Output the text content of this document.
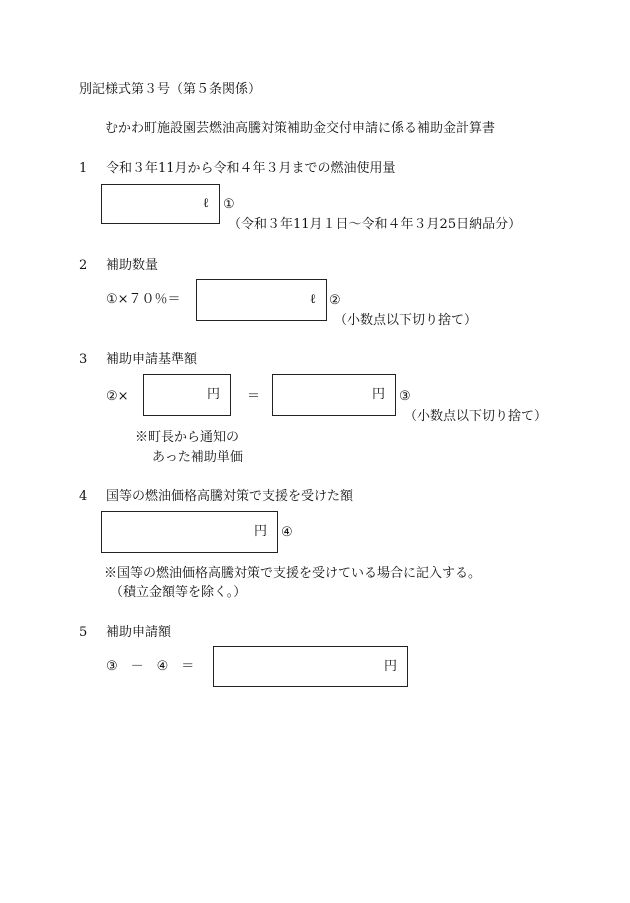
別記様式第３号（第５条関係）
むかわ町施設園芸燃油高騰対策補助金交付申請に係る補助金計算書
1 令和３年11月から令和４年３月までの燃油使用量
ℓ ①
（令和３年11月１日～令和４年３月25日納品分）
2 補助数量
①×７０％＝	ℓ ②
（小数点以下切り捨て）
3 補助申請基準額
②×	円 ＝	円 ③
（小数点以下切り捨て）
※町長から通知の
あった補助単価
4 国等の燃油価格高騰対策で支援を受けた額
円 ④
※国等の燃油価格高騰対策で支援を受けている場合に記入する。
（積立金額等を除く。）
5 補助申請額
③　－　④　＝	円
